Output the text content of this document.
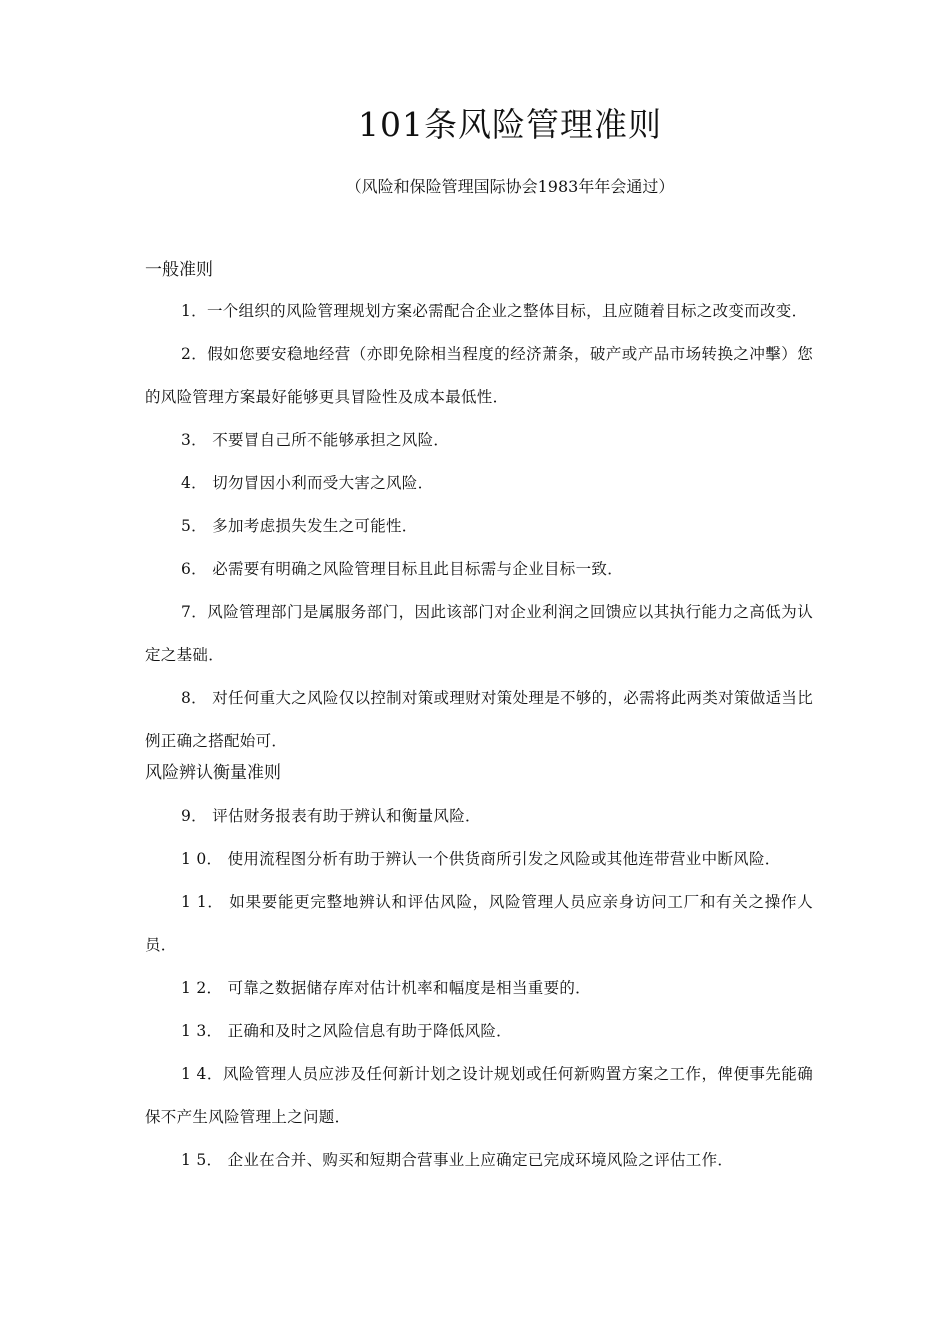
101条风险管理准则
（风险和保险管理国际协会1983年年会通过）

一般准则

1．一个组织的风险管理规划方案必需配合企业之整体目标，且应随着目标之改变而改变．

2．假如您要安稳地经营（亦即免除相当程度的经济萧条，破产或产品市场转换之冲擊）您的风险管理方案最好能够更具冒险性及成本最低性．

3． 不要冒自己所不能够承担之风险．

4． 切勿冒因小利而受大害之风险．

5． 多加考虑损失发生之可能性．

6． 必需要有明确之风险管理目标且此目标需与企业目标一致．

7．风险管理部门是属服务部门，因此该部门对企业利润之回馈应以其执行能力之高低为认定之基础．

8． 对任何重大之风险仅以控制对策或理财对策处理是不够的，必需将此两类对策做适当比例正确之搭配始可．

风险辨认衡量准则

9． 评估财务报表有助于辨认和衡量风险．

1 0． 使用流程图分析有助于辨认一个供货商所引发之风险或其他连带营业中断风险．

1 1． 如果要能更完整地辨认和评估风险，风险管理人员应亲身访问工厂和有关之操作人员．

1 2． 可靠之数据储存库对估计机率和幅度是相当重要的．

1 3． 正确和及时之风险信息有助于降低风险．

1 4．风险管理人员应涉及任何新计划之设计规划或任何新购置方案之工作，俾便事先能确保不产生风险管理上之问题．

1 5． 企业在合并、购买和短期合营事业上应确定已完成环境风险之评估工作．
